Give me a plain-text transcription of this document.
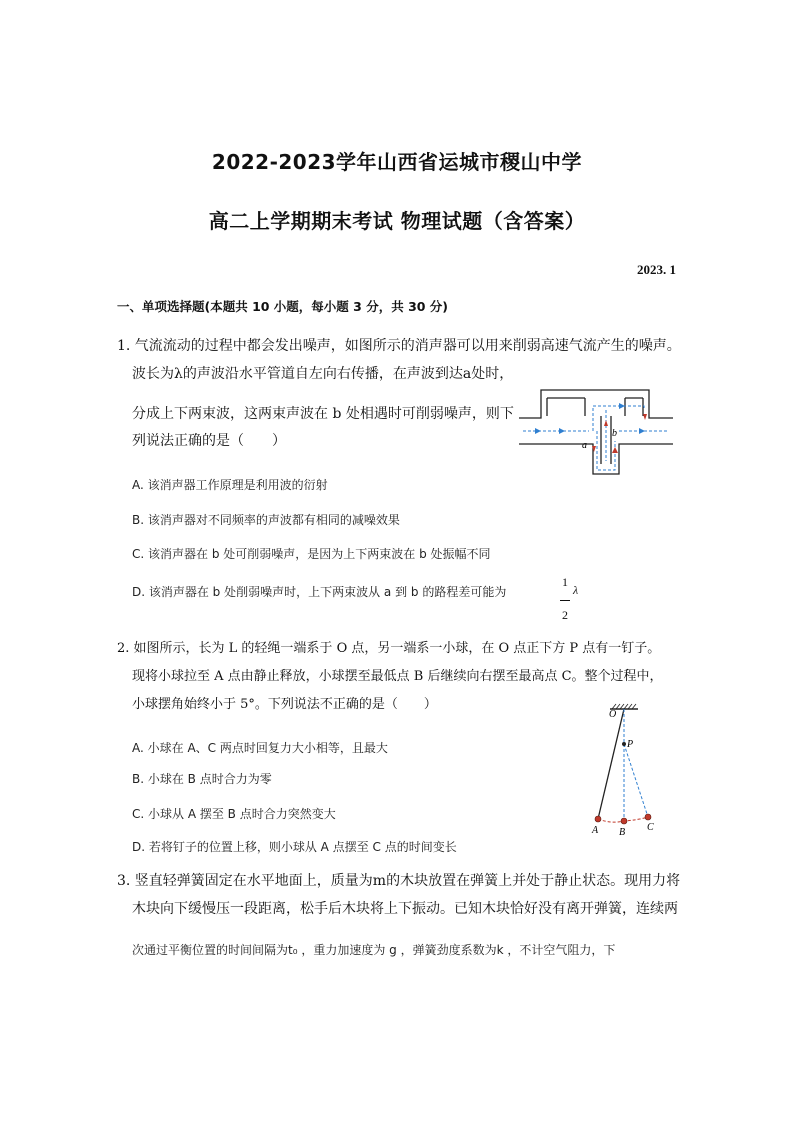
2022-2023学年山西省运城市稷山中学
高二上学期期末考试 物理试题（含答案）
2023. 1
一、单项选择题(本题共 10 小题，每小题 3 分，共 30 分)
1. 气流流动的过程中都会发出噪声，如图所示的消声器可以用来削弱高速气流产生的噪声。
波长为λ的声波沿水平管道自左向右传播，在声波到达a处时，
分成上下两束波，这两束声波在 b 处相遇时可削弱噪声，则下
列说法正确的是（　　）	a
b
A. 该消声器工作原理是利用波的衍射
B. 该消声器对不同频率的声波都有相同的减噪效果
C. 该消声器在 b 处可削弱噪声，是因为上下两束波在 b 处振幅不同
D. 该消声器在 b 处削弱噪声时，上下两束波从 a 到 b 的路程差可能为
1
2
λ
2. 如图所示，长为 L 的轻绳一端系于 O 点，另一端系一小球，在 O 点正下方 P 点有一钉子。
现将小球拉至 A 点由静止释放，小球摆至最低点 B 后继续向右摆至最高点 C。整个过程中，
小球摆角始终小于 5°。下列说法不正确的是（　　）
A. 小球在 A、C 两点时回复力大小相等，且最大
B. 小球在 B 点时合力为零
C. 小球从 A 摆至 B 点时合力突然变大
D. 若将钉子的位置上移，则小球从 A 点摆至 C 点的时间变长
O
P
A B C
3. 竖直轻弹簧固定在水平地面上，质量为m的木块放置在弹簧上并处于静止状态。现用力将
木块向下缓慢压一段距离，松手后木块将上下振动。已知木块恰好没有离开弹簧，连续两
次通过平衡位置的时间间隔为t₀ ，重力加速度为 g ，弹簧劲度系数为k ，不计空气阻力，下
